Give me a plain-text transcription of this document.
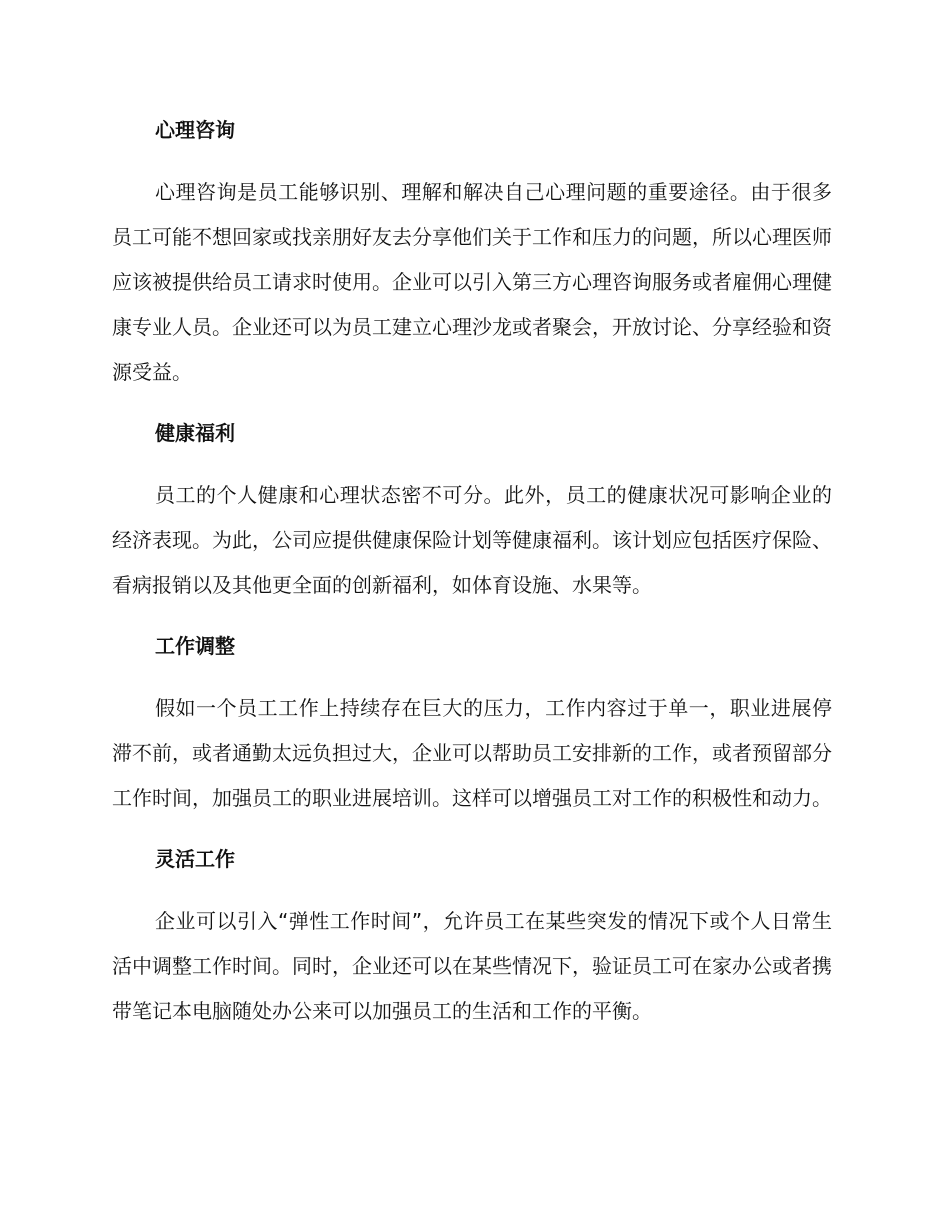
心理咨询

心理咨询是员工能够识别、理解和解决自己心理问题的重要途径。由于很多员工可能不想回家或找亲朋好友去分享他们关于工作和压力的问题，所以心理医师应该被提供给员工请求时使用。企业可以引入第三方心理咨询服务或者雇佣心理健康专业人员。企业还可以为员工建立心理沙龙或者聚会，开放讨论、分享经验和资源受益。

健康福利

员工的个人健康和心理状态密不可分。此外，员工的健康状况可影响企业的经济表现。为此，公司应提供健康保险计划等健康福利。该计划应包括医疗保险、看病报销以及其他更全面的创新福利，如体育设施、水果等。

工作调整

假如一个员工工作上持续存在巨大的压力，工作内容过于单一，职业进展停滞不前，或者通勤太远负担过大，企业可以帮助员工安排新的工作，或者预留部分工作时间，加强员工的职业进展培训。这样可以增强员工对工作的积极性和动力。

灵活工作

企业可以引入“弹性工作时间”，允许员工在某些突发的情况下或个人日常生活中调整工作时间。同时，企业还可以在某些情况下，验证员工可在家办公或者携带笔记本电脑随处办公来可以加强员工的生活和工作的平衡。
